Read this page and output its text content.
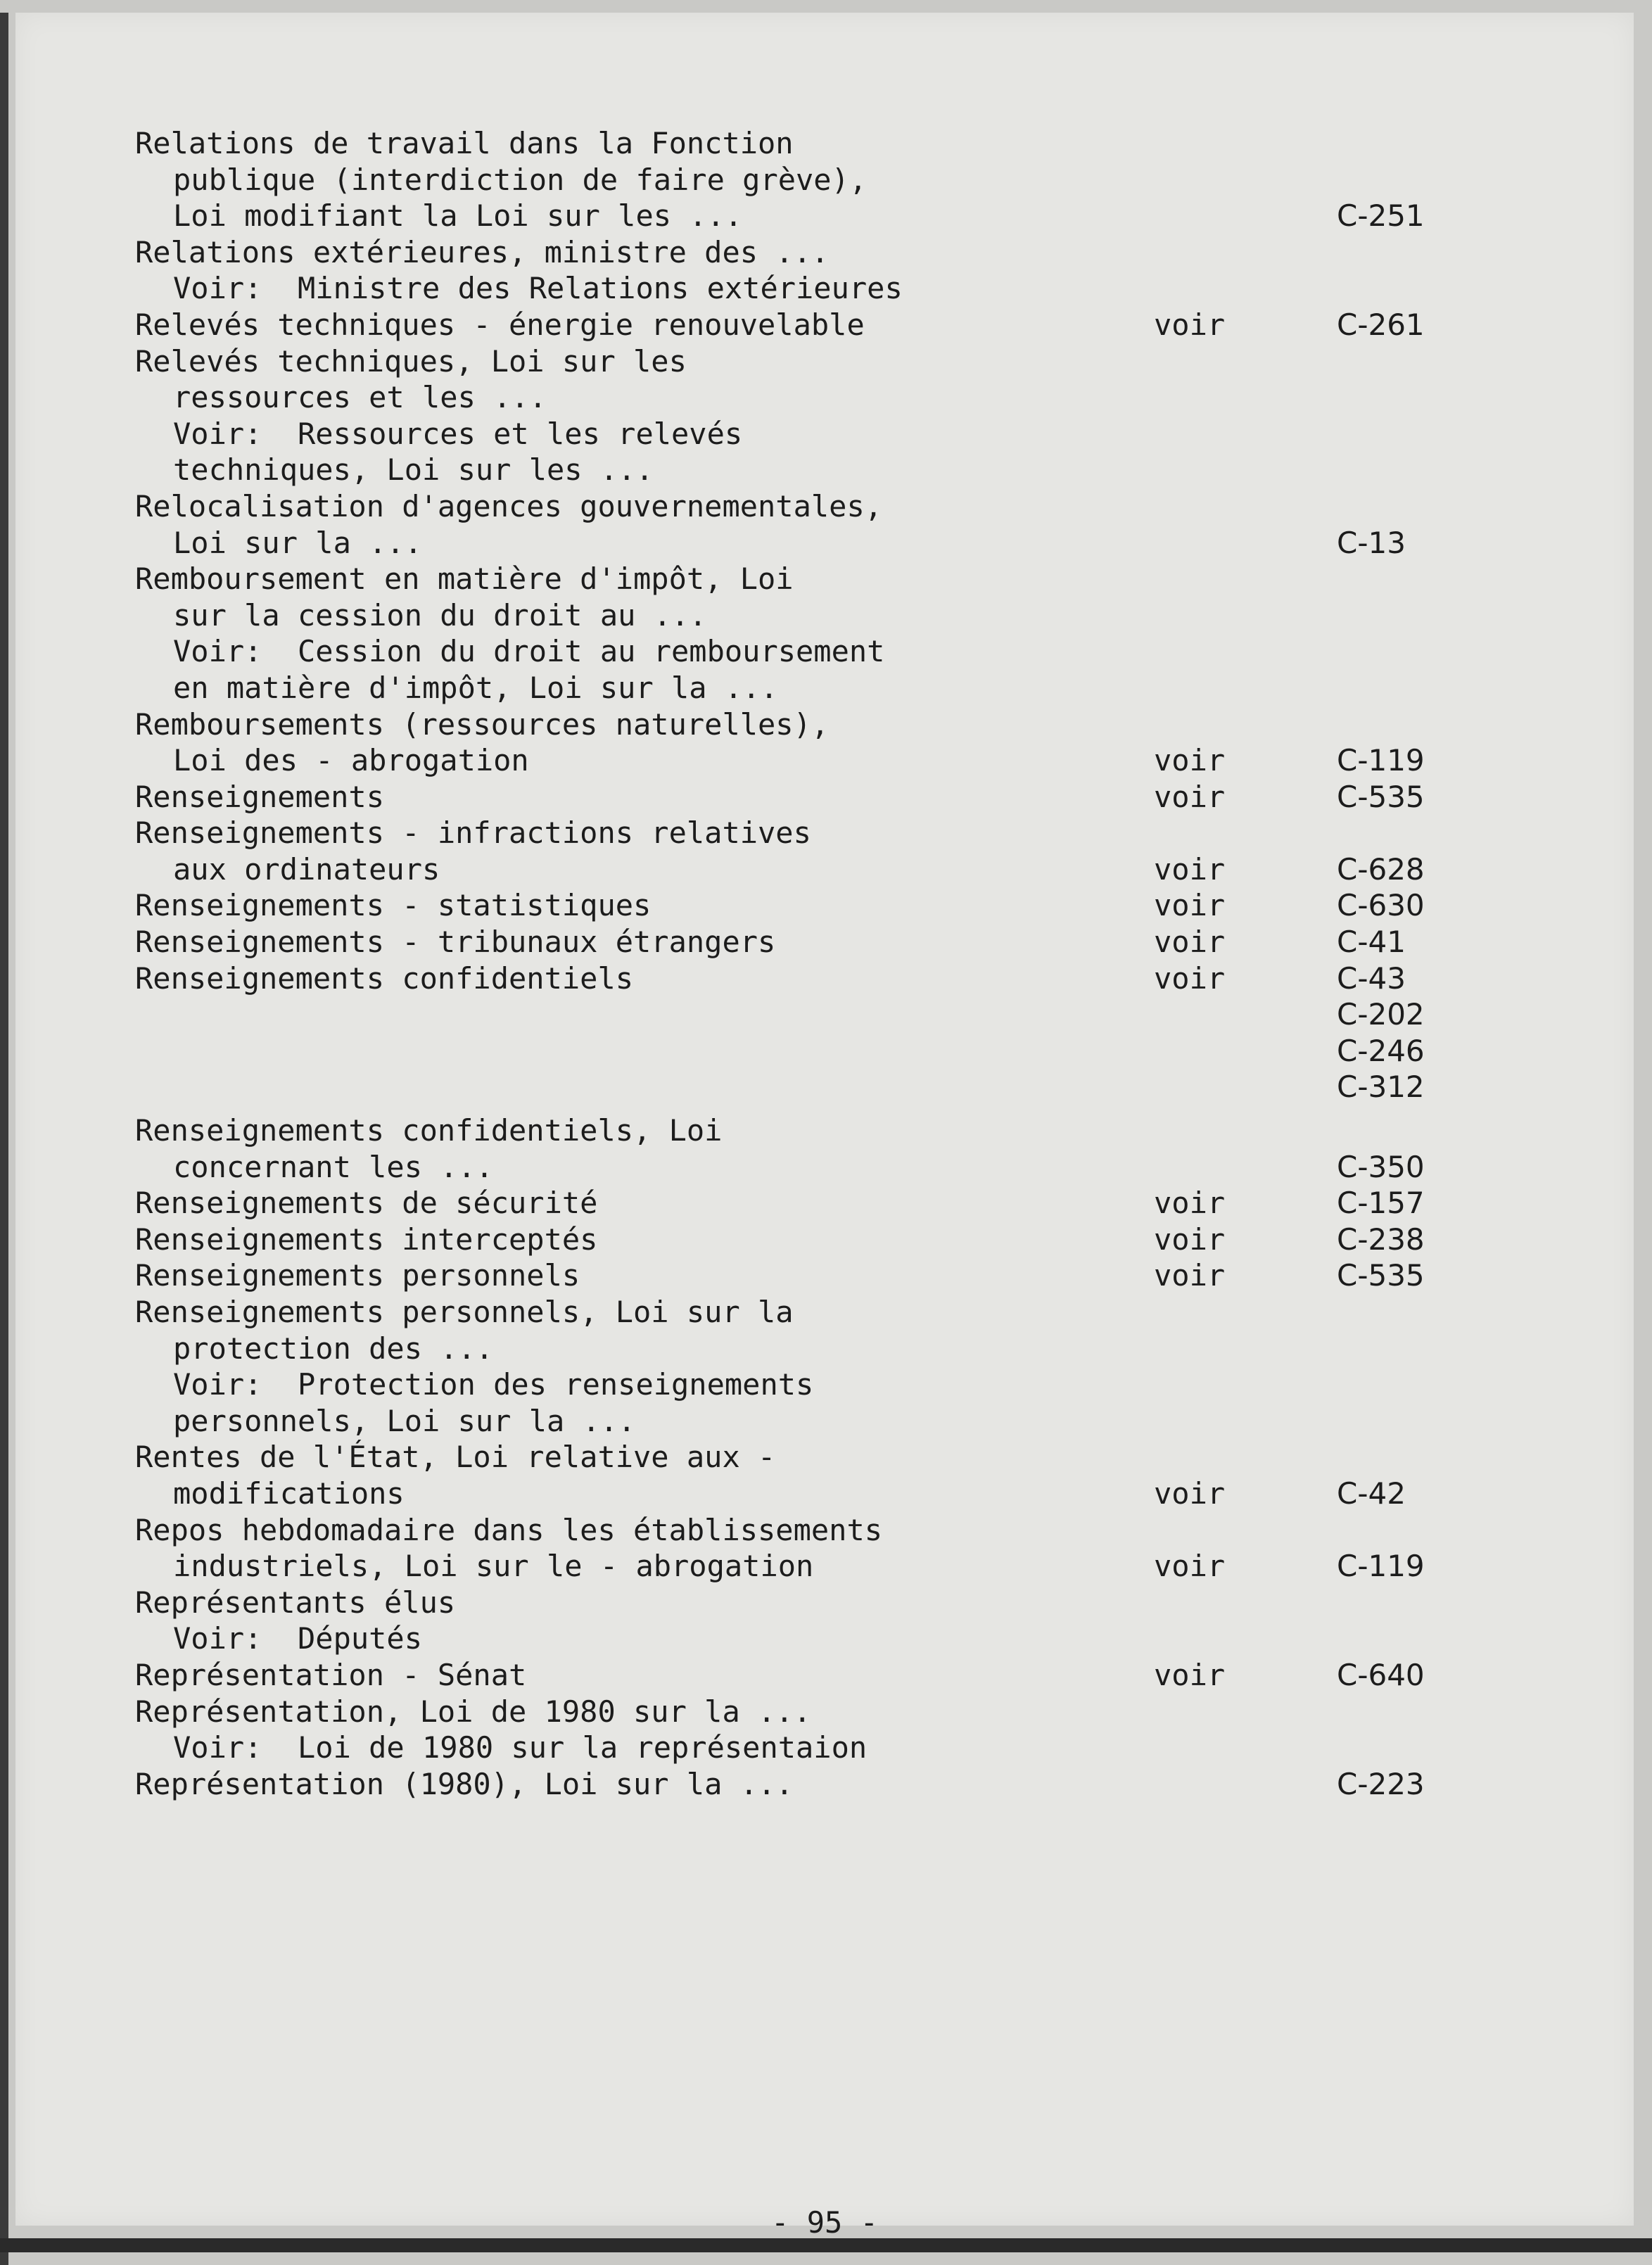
Relations de travail dans la Fonction
publique (interdiction de faire grève),
Loi modifiant la Loi sur les ...	C-251
Relations extérieures, ministre des ...
Voir:  Ministre des Relations extérieures
Relevés techniques - énergie renouvelable	voir	C-261
Relevés techniques, Loi sur les
ressources et les ...
Voir:  Ressources et les relevés
techniques, Loi sur les ...
Relocalisation d'agences gouvernementales,
Loi sur la ...	C-13
Remboursement en matière d'impôt, Loi
sur la cession du droit au ...
Voir:  Cession du droit au remboursement
en matière d'impôt, Loi sur la ...
Remboursements (ressources naturelles),
Loi des - abrogation	voir	C-119
Renseignements	voir	C-535
Renseignements - infractions relatives
aux ordinateurs	voir	C-628
Renseignements - statistiques	voir	C-630
Renseignements - tribunaux étrangers	voir	C-41
Renseignements confidentiels	voir	C-43
C-202
C-246
C-312
Renseignements confidentiels, Loi
concernant les ...	C-350
Renseignements de sécurité	voir	C-157
Renseignements interceptés	voir	C-238
Renseignements personnels	voir	C-535
Renseignements personnels, Loi sur la
protection des ...
Voir:  Protection des renseignements
personnels, Loi sur la ...
Rentes de l'État, Loi relative aux -
modifications	voir	C-42
Repos hebdomadaire dans les établissements
industriels, Loi sur le - abrogation	voir	C-119
Représentants élus
Voir:  Députés
Représentation - Sénat	voir	C-640
Représentation, Loi de 1980 sur la ...
Voir:  Loi de 1980 sur la représentaion
Représentation (1980), Loi sur la ...	C-223
- 95 -
